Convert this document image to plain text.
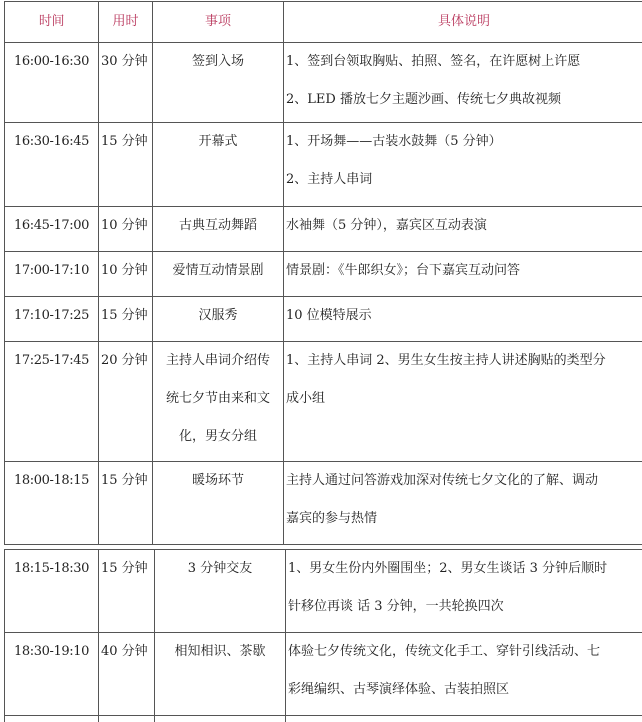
时间	用时	事项	具体说明
16:00-16:30	30 分钟	签到入场	1、签到台领取胸贴、拍照、签名，在许愿树上许愿
2、LED 播放七夕主题沙画、传统七夕典故视频

16:30-16:45	15 分钟	开幕式	1、开场舞——古装水鼓舞（5 分钟）
2、主持人串词

16:45-17:00	10 分钟	古典互动舞蹈	水袖舞（5 分钟），嘉宾区互动表演

17:00-17:10	10 分钟	爱情互动情景剧	情景剧：《牛郎织女》；台下嘉宾互动问答

17:10-17:25	15 分钟	汉服秀	10 位模特展示

17:25-17:45	20 分钟	主持人串词介绍传
统七夕节由来和文
化，男女分组	1、主持人串词 2、男生女生按主持人讲述胸贴的类型分
成小组

18:00-18:15	15 分钟	暖场环节	主持人通过问答游戏加深对传统七夕文化的了解、调动
嘉宾的参与热情
18:15-18:30	15 分钟	3 分钟交友	1、男女生份内外圈围坐；2、男女生谈话 3 分钟后顺时
针移位再谈 话 3 分钟，一共轮换四次

18:30-19:10	40 分钟	相知相识、茶歇	体验七夕传统文化，传统文化手工、穿针引线活动、七
彩绳编织、古琴演绎体验、古装拍照区
